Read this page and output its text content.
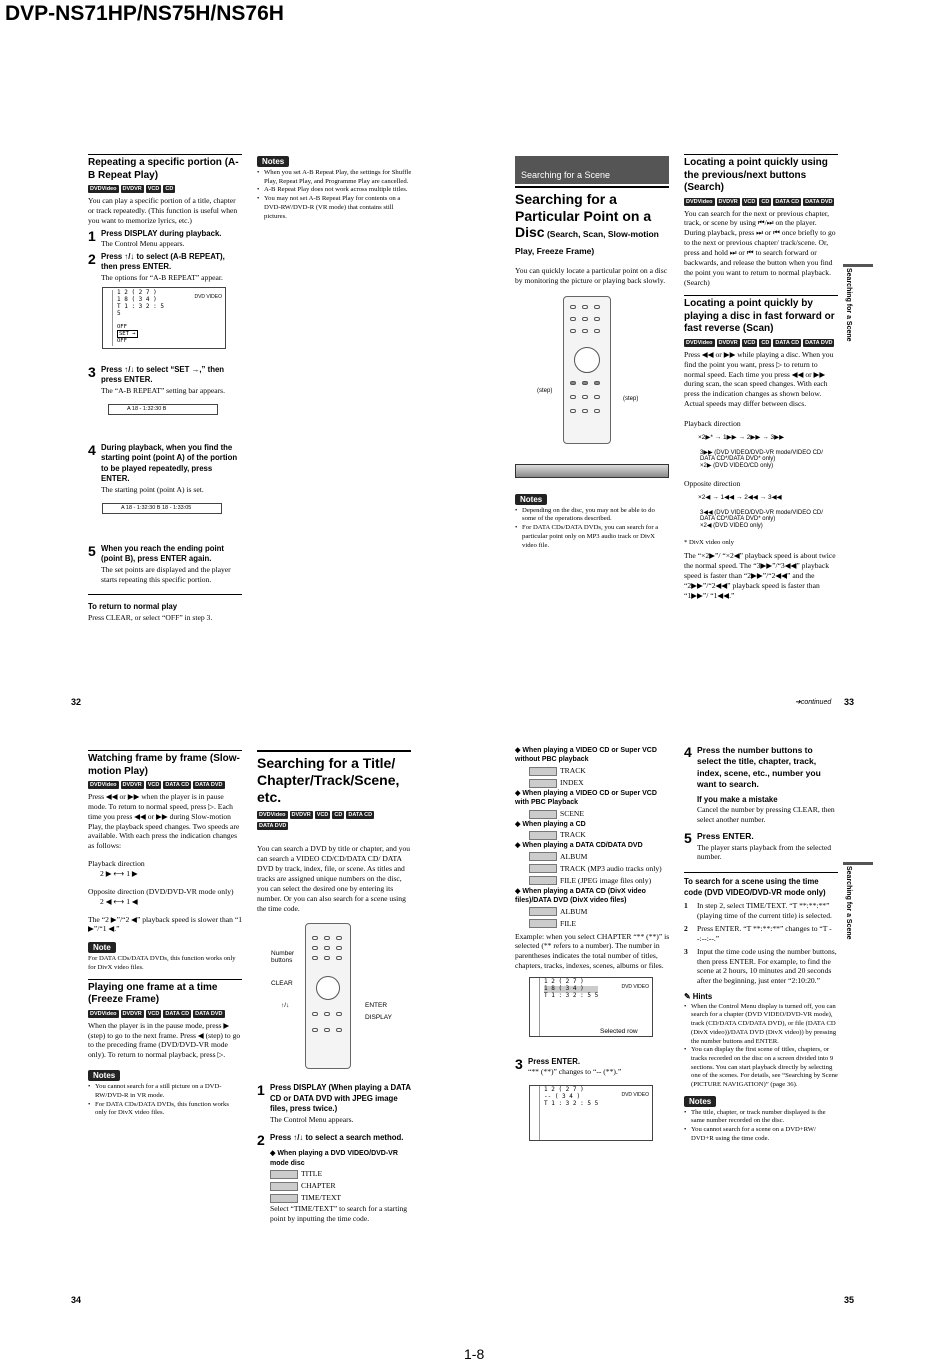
DVP-NS71HP/NS75H/NS76H
Repeating a specific portion (A-B Repeat Play)
DVDVideo	DVDVR	VCD	CD
You can play a specific portion of a title, chapter or track repeatedly. (This function is useful when you want to memorize lyrics, etc.)
1 Press DISPLAY during playback.
The Control Menu appears.
2 Press ↑/↓ to select (A-B REPEAT), then press ENTER.
The options for “A-B REPEAT” appear.
1 2 ( 2 7 )
1 8 ( 3 4 )
T 1 : 3 2 : 5 5
DVD VIDEO
OFF
SET →
OFF
3 Press ↑/↓ to select “SET →,” then press ENTER.
The “A-B REPEAT” setting bar appears.
A 18 - 1:32:30 B
4 During playback, when you find the starting point (point A) of the portion to be played repeatedly, press ENTER.
The starting point (point A) is set.
A 18 - 1:32:30 B 18 - 1:33:05
5 When you reach the ending point (point B), press ENTER again.
The set points are displayed and the player starts repeating this specific portion.
To return to normal play
Press CLEAR, or select “OFF” in step 3.
Notes
• When you set A-B Repeat Play, the settings for Shuffle Play, Repeat Play, and Programme Play are cancelled.
• A-B Repeat Play does not work across multiple titles.
• You may not set A-B Repeat Play for contents on a DVD-RW/DVD-R (VR mode) that contains still pictures.
32
Searching for a Scene
Searching for a Particular Point on a Disc (Search, Scan, Slow-motion Play, Freeze Frame)
You can quickly locate a particular point on a disc by monitoring the picture or playing back slowly.
(step)
(step)
Notes
• Depending on the disc, you may not be able to do some of the operations described.
• For DATA CDs/DATA DVDs, you can search for a particular point only on MP3 audio track or DivX video file.
Locating a point quickly using the previous/next buttons (Search)
DVDVideo	DVDVR	VCD	CD	DATA CD	DATA DVD
You can search for the next or previous chapter, track, or scene by using ⏮/⏭ on the player. During playback, press ⏭ or ⏮ once briefly to go to the next or previous chapter/ track/scene. Or, press and hold ⏭ or ⏮ to search forward or backwards, and release the button when you find the point you want to return to normal playback. (Search)
Locating a point quickly by playing a disc in fast forward or fast reverse (Scan)
DVDVideo	DVDVR	VCD	CD	DATA CD	DATA DVD
Press ◀◀ or ▶▶ while playing a disc. When you find the point you want, press ▷ to return to normal speed. Each time you press ◀◀ or ▶▶ during scan, the scan speed changes. With each press the indication changes as shown below. Actual speeds may differ between discs.
Playback direction
×2▶* → 1▶▶ → 2▶▶ → 3▶▶
3▶▶ (DVD VIDEO/DVD-VR mode/VIDEO CD/ DATA CD*/DATA DVD* only)
×2▶ (DVD VIDEO/CD only)
Opposite direction
×2◀ → 1◀◀ → 2◀◀ → 3◀◀
3◀◀ (DVD VIDEO/DVD-VR mode/VIDEO CD/ DATA CD*/DATA DVD* only)
×2◀ (DVD VIDEO only)
* DivX video only
The “×2▶”/ “×2◀” playback speed is about twice the normal speed. The “3▶▶”/“3◀◀” playback speed is faster than “2▶▶”/“2◀◀” and the “2▶▶”/“2◀◀” playback speed is faster than “1▶▶”/ “1◀◀.”
Searching for a Scene
➜continued 33
Watching frame by frame (Slow-motion Play)
DVDVideo	DVDVR	VCD	DATA CD	DATA DVD
Press ◀◀ or ▶▶ when the player is in pause mode. To return to normal speed, press ▷. Each time you press ◀◀ or ▶▶ during Slow-motion Play, the playback speed changes. Two speeds are available. With each press the indication changes as follows:
Playback direction
2 ▶ ⟷ 1 ▶
Opposite direction (DVD/DVD-VR mode only)
2 ◀ ⟷ 1 ◀
The “2 ▶”/“2 ◀” playback speed is slower than “1 ▶”/“1 ◀.”
Note
For DATA CDs/DATA DVDs, this function works only for DivX video files.
Playing one frame at a time (Freeze Frame)
DVDVideo	DVDVR	VCD	DATA CD	DATA DVD
When the player is in the pause mode, press ▶ (step) to go to the next frame. Press ◀ (step) to go to the preceding frame (DVD/DVD-VR mode only). To return to normal playback, press ▷.
Notes
• You cannot search for a still picture on a DVD-RW/DVD-R in VR mode.
• For DATA CDs/DATA DVDs, this function works only for DivX video files.
Searching for a Title/ Chapter/Track/Scene, etc.
DVDVideo	DVDVR	VCD	CD	DATA CD
DATA DVD
You can search a DVD by title or chapter, and you can search a VIDEO CD/CD/DATA CD/ DATA DVD by track, index, file, or scene. As titles and tracks are assigned unique numbers on the disc, you can select the desired one by entering its number. Or you can also search for a scene using the time code.
Number buttons
CLEAR
↑/↓	ENTER
DISPLAY
1 Press DISPLAY (When playing a DATA CD or DATA DVD with JPEG image files, press twice.)
The Control Menu appears.
2 Press ↑/↓ to select a search method.
◆ When playing a DVD VIDEO/DVD-VR mode disc
TITLE
CHAPTER
TIME/TEXT
Select “TIME/TEXT” to search for a starting point by inputting the time code.
34
◆ When playing a VIDEO CD or Super VCD without PBC playback
TRACK
INDEX
◆ When playing a VIDEO CD or Super VCD with PBC Playback
SCENE
◆ When playing a CD
TRACK
◆ When playing a DATA CD/DATA DVD
ALBUM
TRACK (MP3 audio tracks only)
FILE (JPEG image files only)
◆ When playing a DATA CD (DivX video files)/DATA DVD (DivX video files)
ALBUM
FILE
Example: when you select CHAPTER “** (**)” is selected (** refers to a number). The number in parentheses indicates the total number of titles, chapters, tracks, indexes, scenes, albums or files.
1 2 ( 2 7 )
1 8 ( 3 4 )
T 1 : 3 2 : 5 5
DVD VIDEO
Selected row
3 Press ENTER.
“** (**)” changes to “-- (**).”
1 2 ( 2 7 )
-- ( 3 4 )
T 1 : 3 2 : 5 5
DVD VIDEO
4 Press the number buttons to select the title, chapter, track, index, scene, etc., number you want to search.
If you make a mistake
Cancel the number by pressing CLEAR, then select another number.
5 Press ENTER.
The player starts playback from the selected number.
To search for a scene using the time code (DVD VIDEO/DVD-VR mode only)
1	In step 2, select TIME/TEXT. “T **:**:**” (playing time of the current title) is selected.
2	Press ENTER. “T **:**:**” changes to “T --:--:--.”
3	Input the time code using the number buttons, then press ENTER. For example, to find the scene at 2 hours, 10 minutes and 20 seconds after the beginning, just enter “2:10:20.”
✎ Hints
• When the Control Menu display is turned off, you can search for a chapter (DVD VIDEO/DVD-VR mode), track (CD/DATA CD/DATA DVD), or file (DATA CD (DivX video))/DATA DVD (DivX video)) by pressing the number buttons and ENTER.
• You can display the first scene of titles, chapters, or tracks recorded on the disc on a screen divided into 9 sections. You can start playback directly by selecting one of the scenes. For details, see “Searching by Scene (PICTURE NAVIGATION)” (page 36).
Notes
• The title, chapter, or track number displayed is the same number recorded on the disc.
• You cannot search for a scene on a DVD+RW/ DVD+R using the time code.
Searching for a Scene
35
1-8
